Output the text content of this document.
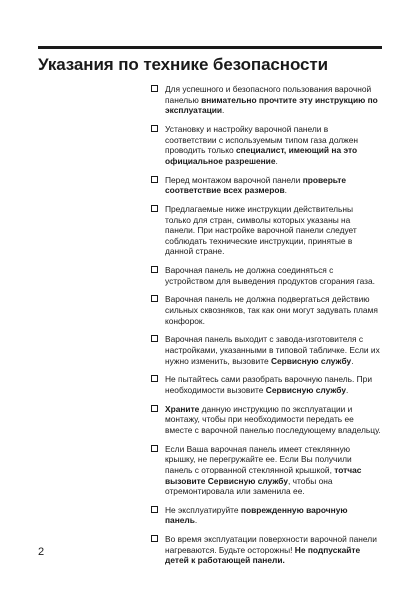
Указания по технике безопасности
Для успешного и безопасного пользования варочной панелью внимательно прочтите эту инструкцию по эксплуатации.
Установку и настройку варочной панели в соответствии с используемым типом газа должен проводить только специалист, имеющий на это официальное разрешение.
Перед монтажом варочной панели проверьте соответствие всех размеров.
Предлагаемые ниже инструкции действительны только для стран, символы которых указаны на панели. При настройке варочной панели следует соблюдать технические инструкции, принятые в данной стране.
Варочная панель не должна соединяться с устройством для выведения продуктов сгорания газа.
Варочная панель не должна подвергаться действию сильных сквозняков, так как они могут задувать пламя конфорок.
Варочная панель выходит с завода-изготовителя с настройками, указанными в типовой табличке. Если их нужно изменить, вызовите Сервисную службу.
Не пытайтесь сами разобрать варочную панель. При необходимости вызовите Сервисную службу.
Храните данную инструкцию по эксплуатации и монтажу, чтобы при необходимости передать ее вместе с варочной панелью последующему владельцу.
Если Ваша варочная панель имеет стеклянную крышку, не перегружайте ее. Если Вы получили панель с оторванной стеклянной крышкой, тотчас вызовите Сервисную службу, чтобы она отремонтировала или заменила ее.
Не эксплуатируйте поврежденную варочную панель.
Во время эксплуатации поверхности варочной панели нагреваются. Будьте осторожны! Не подпускайте детей к работающей панели.
2
